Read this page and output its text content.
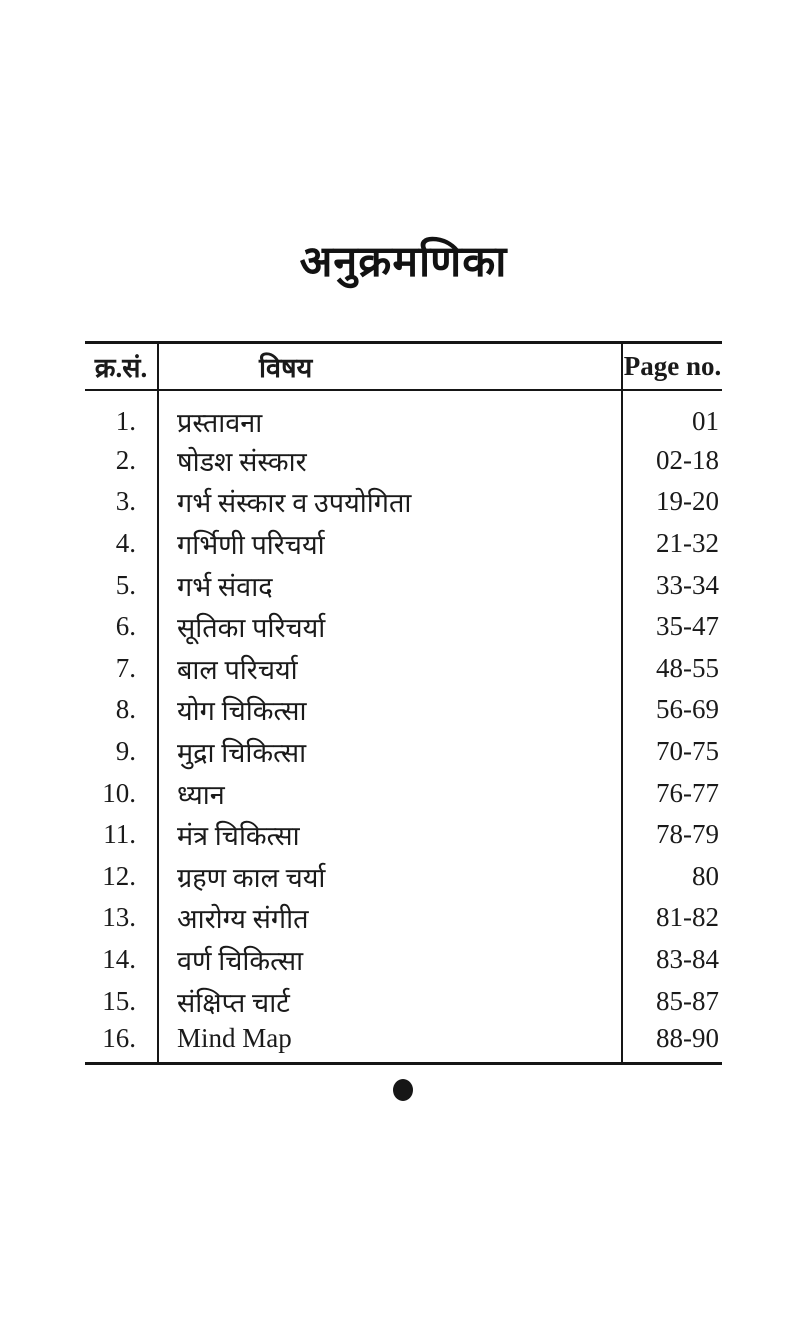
अनुक्रमणिका
क्र.सं.	विषय	Page no.
1.	प्रस्तावना	01
2.	षोडश संस्कार	02-18
3.	गर्भ संस्कार व उपयोगिता	19-20
4.	गर्भिणी परिचर्या	21-32
5.	गर्भ संवाद	33-34
6.	सूतिका परिचर्या	35-47
7.	बाल परिचर्या	48-55
8.	योग चिकित्सा	56-69
9.	मुद्रा चिकित्सा	70-75
10.	ध्यान	76-77
11.	मंत्र चिकित्सा	78-79
12.	ग्रहण काल चर्या	80
13.	आरोग्य संगीत	81-82
14.	वर्ण चिकित्सा	83-84
15.	संक्षिप्त चार्ट	85-87
16.	Mind Map	88-90
